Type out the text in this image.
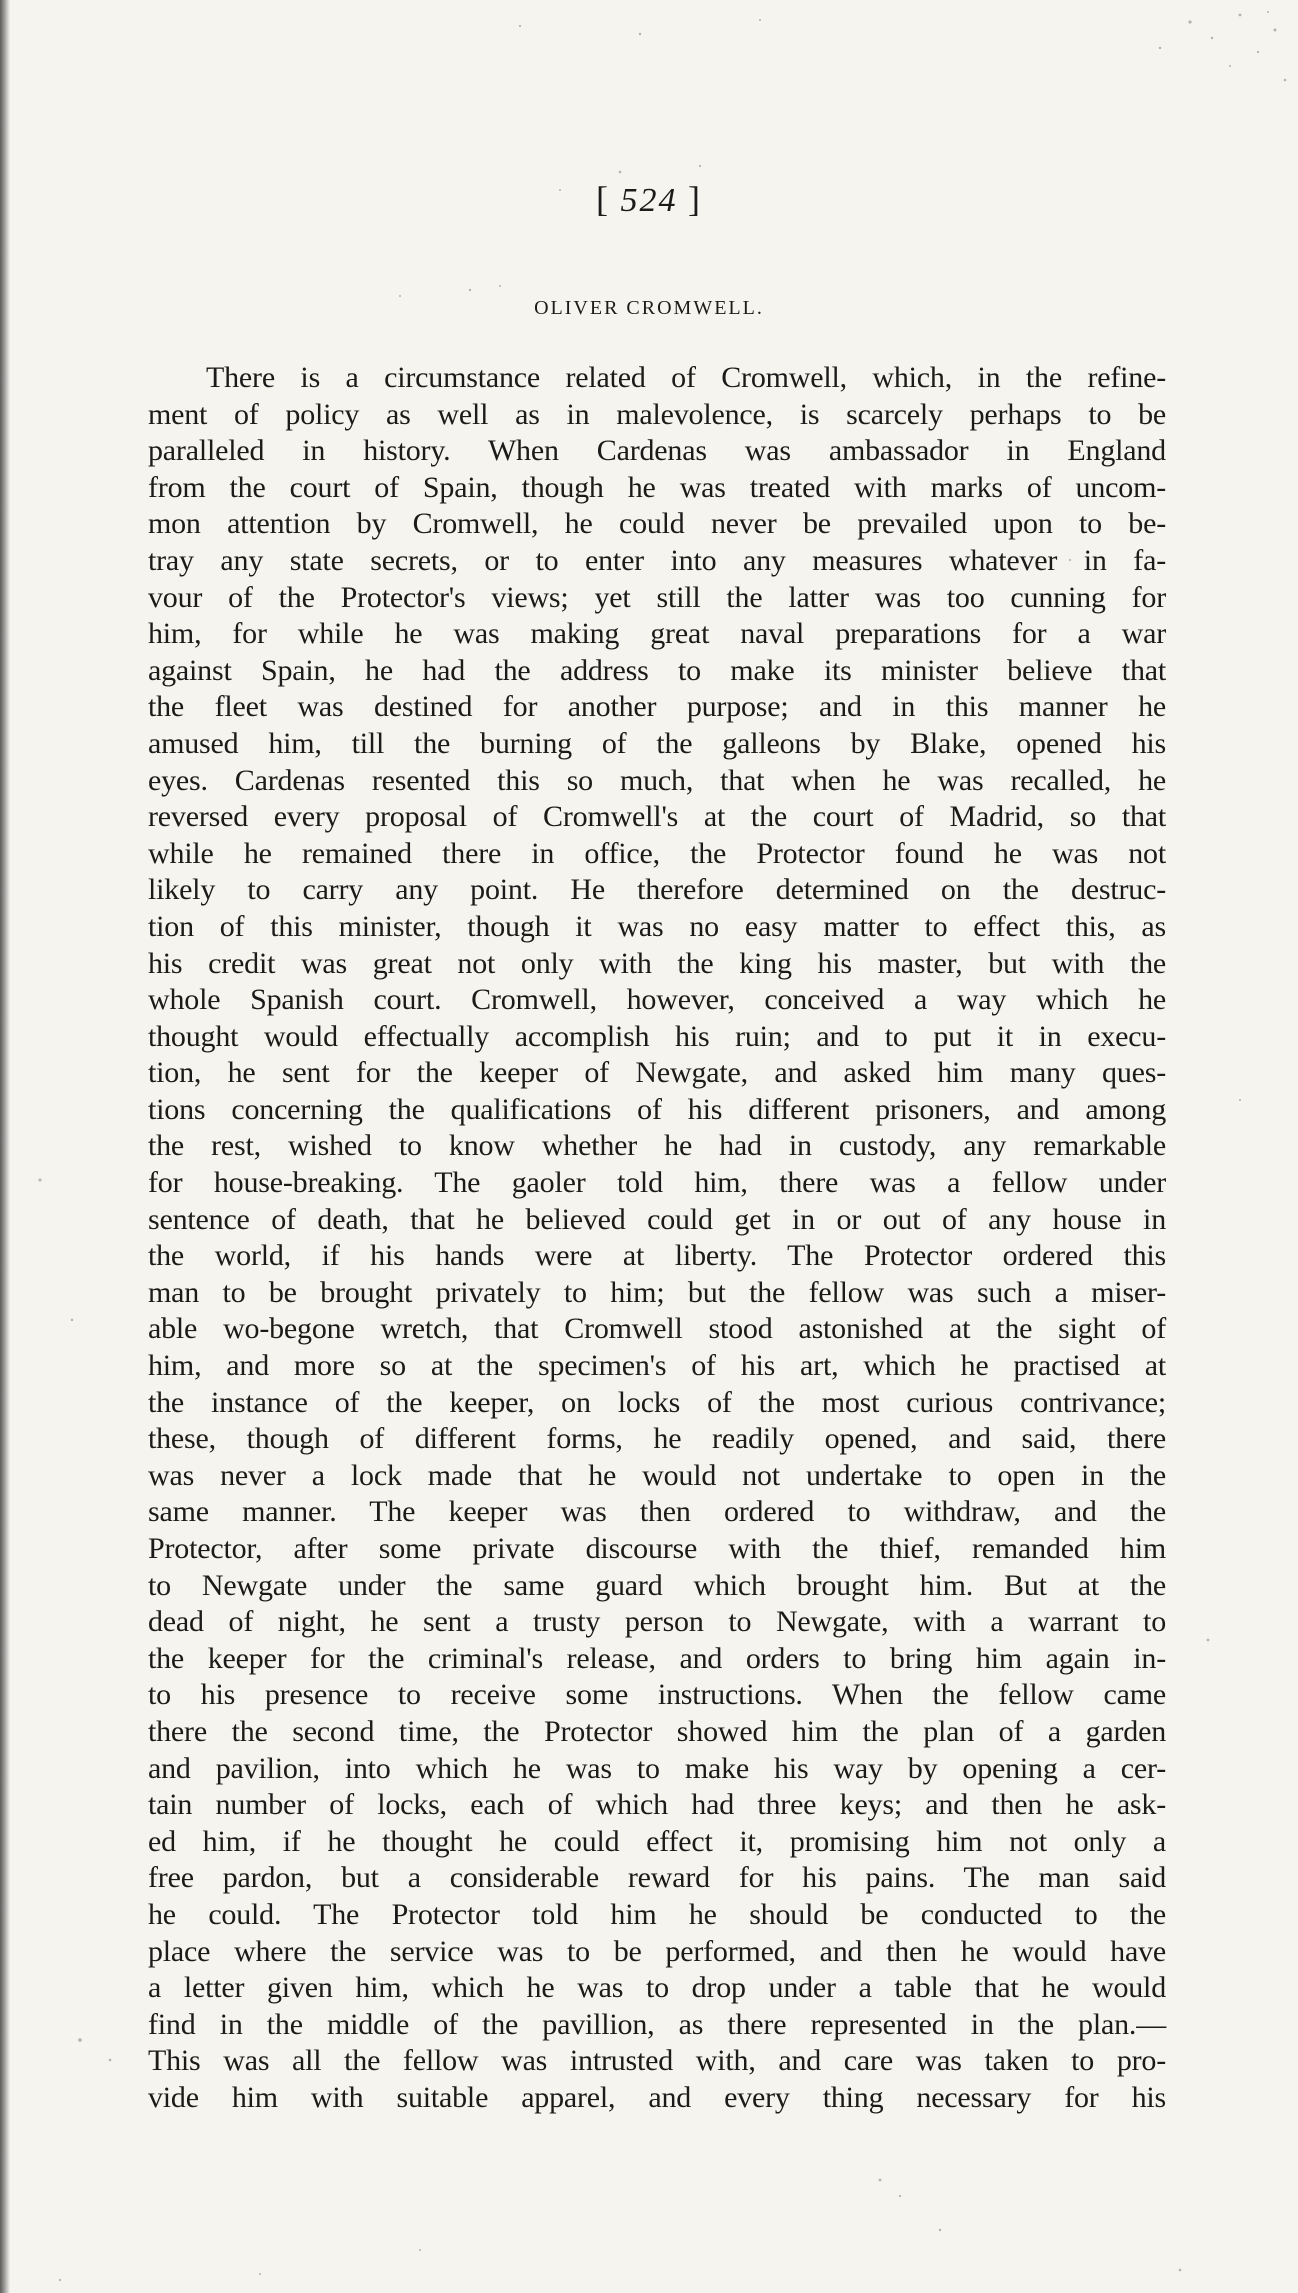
[ 524 ]
OLIVER CROMWELL.
There is a circumstance related of Cromwell, which, in the refine-
ment of policy as well as in malevolence, is scarcely perhaps to be
paralleled in history. When Cardenas was ambassador in England
from the court of Spain, though he was treated with marks of uncom-
mon attention by Cromwell, he could never be prevailed upon to be-
tray any state secrets, or to enter into any measures whatever in fa-
vour of the Protector's views; yet still the latter was too cunning for
him, for while he was making great naval preparations for a war
against Spain, he had the address to make its minister believe that
the fleet was destined for another purpose; and in this manner he
amused him, till the burning of the galleons by Blake, opened his
eyes. Cardenas resented this so much, that when he was recalled, he
reversed every proposal of Cromwell's at the court of Madrid, so that
while he remained there in office, the Protector found he was not
likely to carry any point. He therefore determined on the destruc-
tion of this minister, though it was no easy matter to effect this, as
his credit was great not only with the king his master, but with the
whole Spanish court. Cromwell, however, conceived a way which he
thought would effectually accomplish his ruin; and to put it in execu-
tion, he sent for the keeper of Newgate, and asked him many ques-
tions concerning the qualifications of his different prisoners, and among
the rest, wished to know whether he had in custody, any remarkable
for house-breaking. The gaoler told him, there was a fellow under
sentence of death, that he believed could get in or out of any house in
the world, if his hands were at liberty. The Protector ordered this
man to be brought privately to him; but the fellow was such a miser-
able wo-begone wretch, that Cromwell stood astonished at the sight of
him, and more so at the specimen's of his art, which he practised at
the instance of the keeper, on locks of the most curious contrivance;
these, though of different forms, he readily opened, and said, there
was never a lock made that he would not undertake to open in the
same manner. The keeper was then ordered to withdraw, and the
Protector, after some private discourse with the thief, remanded him
to Newgate under the same guard which brought him. But at the
dead of night, he sent a trusty person to Newgate, with a warrant to
the keeper for the criminal's release, and orders to bring him again in-
to his presence to receive some instructions. When the fellow came
there the second time, the Protector showed him the plan of a garden
and pavilion, into which he was to make his way by opening a cer-
tain number of locks, each of which had three keys; and then he ask-
ed him, if he thought he could effect it, promising him not only a
free pardon, but a considerable reward for his pains. The man said
he could. The Protector told him he should be conducted to the
place where the service was to be performed, and then he would have
a letter given him, which he was to drop under a table that he would
find in the middle of the pavillion, as there represented in the plan.—
This was all the fellow was intrusted with, and care was taken to pro-
vide him with suitable apparel, and every thing necessary for his
